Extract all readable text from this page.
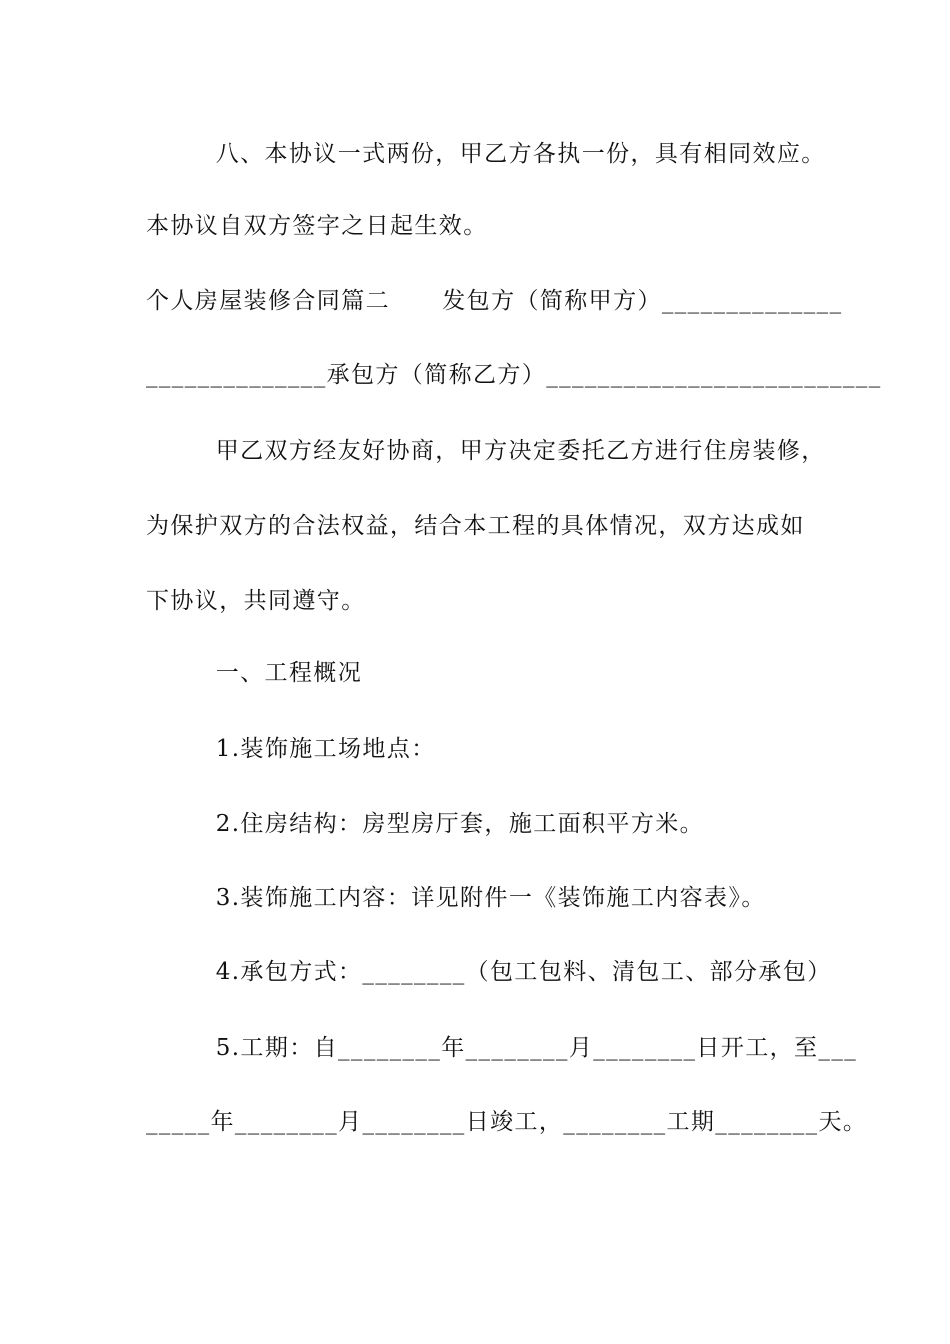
八、本协议一式两份，甲乙方各执一份，具有相同效应。
本协议自双方签字之日起生效。
个人房屋装修合同篇二      发包方（简称甲方）______________
______________承包方（简称乙方）__________________________
甲乙双方经友好协商，甲方决定委托乙方进行住房装修，
为保护双方的合法权益，结合本工程的具体情况，双方达成如
下协议，共同遵守。
一、工程概况
1.装饰施工场地点：
2.住房结构：房型房厅套，施工面积平方米。
3.装饰施工内容：详见附件一《装饰施工内容表》。
4.承包方式：________（包工包料、清包工、部分承包）
5.工期：自________年________月________日开工，至___
_____年________月________日竣工，________工期________天。
